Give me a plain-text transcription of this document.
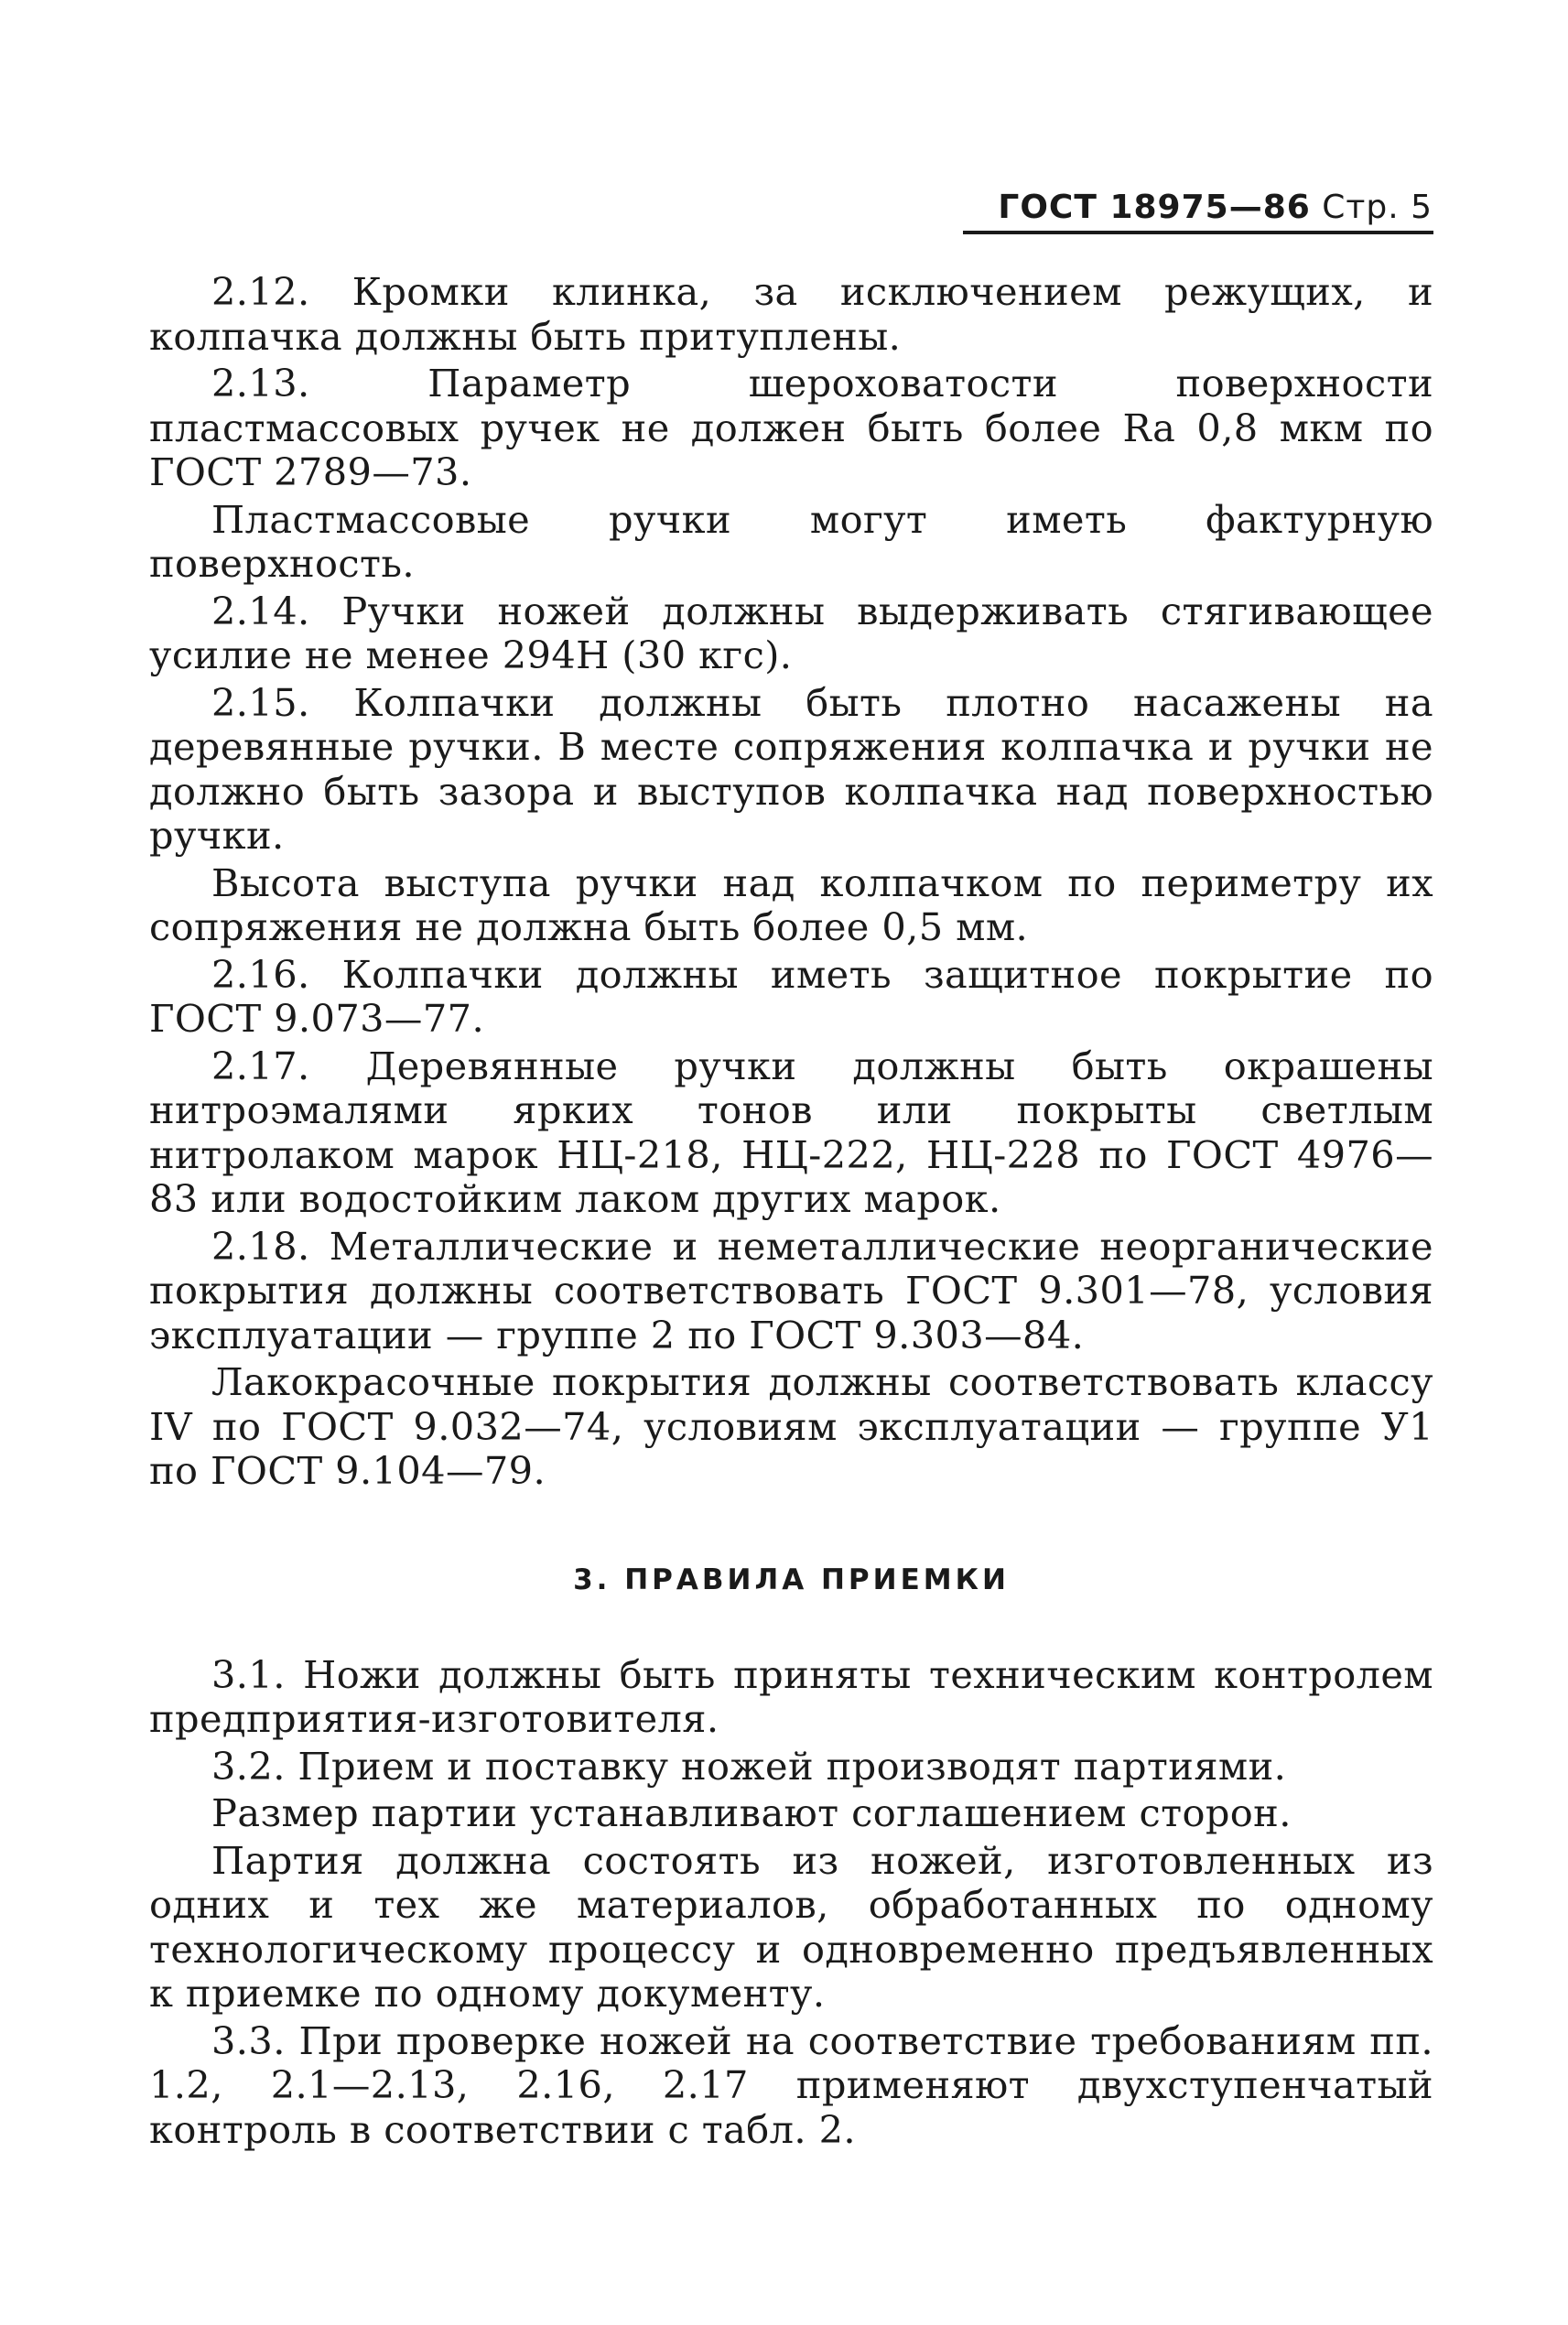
ГОСТ 18975—86 Стр. 5

2.12. Кромки клинка, за исключением режущих, и колпачка должны быть притуплены.

2.13. Параметр шероховатости поверхности пластмассовых ручек не должен быть более Ra 0,8 мкм по ГОСТ 2789—73.

Пластмассовые ручки могут иметь фактурную поверхность.

2.14. Ручки ножей должны выдерживать стягивающее усилие не менее 294Н (30 кгс).

2.15. Колпачки должны быть плотно насажены на деревянные ручки. В месте сопряжения колпачка и ручки не должно быть зазора и выступов колпачка над поверхностью ручки.

Высота выступа ручки над колпачком по периметру их сопряжения не должна быть более 0,5 мм.

2.16. Колпачки должны иметь защитное покрытие по ГОСТ 9.073—77.

2.17. Деревянные ручки должны быть окрашены нитроэмалями ярких тонов или покрыты светлым нитролаком марок НЦ-218, НЦ-222, НЦ-228 по ГОСТ 4976—83 или водостойким лаком других марок.

2.18. Металлические и неметаллические неорганические покрытия должны соответствовать ГОСТ 9.301—78, условия эксплуатации — группе 2 по ГОСТ 9.303—84.

Лакокрасочные покрытия должны соответствовать классу IV по ГОСТ 9.032—74, условиям эксплуатации — группе У1 по ГОСТ 9.104—79.

3. ПРАВИЛА ПРИЕМКИ

3.1. Ножи должны быть приняты техническим контролем предприятия-изготовителя.

3.2. Прием и поставку ножей производят партиями.

Размер партии устанавливают соглашением сторон.

Партия должна состоять из ножей, изготовленных из одних и тех же материалов, обработанных по одному технологическому процессу и одновременно предъявленных к приемке по одному документу.

3.3. При проверке ножей на соответствие требованиям пп. 1.2, 2.1—2.13, 2.16, 2.17 применяют двухступенчатый контроль в соответствии с табл. 2.
